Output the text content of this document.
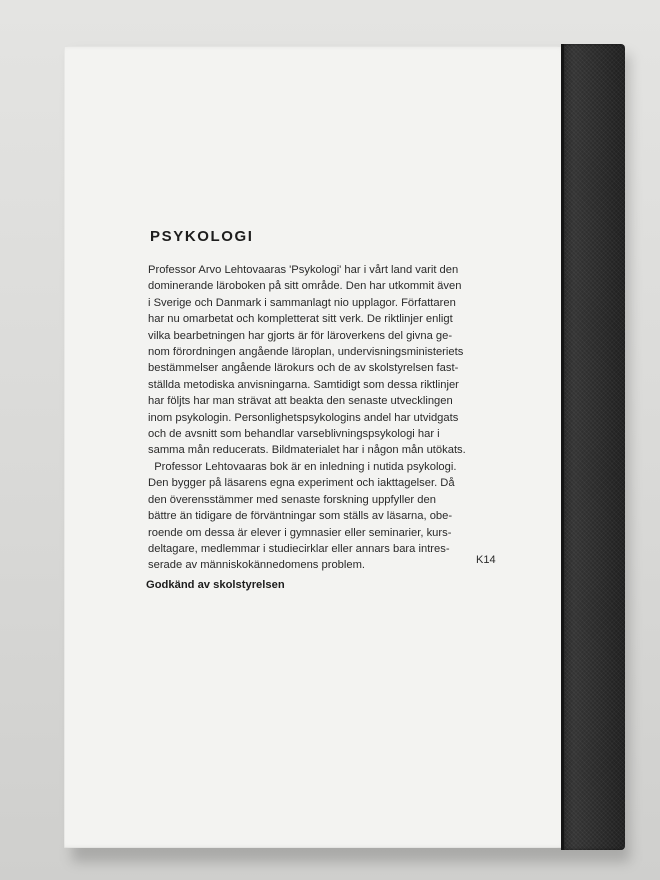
PSYKOLOGI

Professor Arvo Lehtovaaras 'Psykologi' har i vårt land varit den
dominerande läroboken på sitt område. Den har utkommit även
i Sverige och Danmark i sammanlagt nio upplagor. Författaren
har nu omarbetat och kompletterat sitt verk. De riktlinjer enligt
vilka bearbetningen har gjorts är för läroverkens del givna ge-
nom förordningen angående läroplan, undervisningsministeriets
bestämmelser angående lärokurs och de av skolstyrelsen fast-
ställda metodiska anvisningarna. Samtidigt som dessa riktlinjer
har följts har man strävat att beakta den senaste utvecklingen
inom psykologin. Personlighetspsykologins andel har utvidgats
och de avsnitt som behandlar varseblivningspsykologi har i
samma mån reducerats. Bildmaterialet har i någon mån utökats.
Professor Lehtovaaras bok är en inledning i nutida psykologi.
Den bygger på läsarens egna experiment och iakttagelser. Då
den överensstämmer med senaste forskning uppfyller den
bättre än tidigare de förväntningar som ställs av läsarna, obe-
roende om dessa är elever i gymnasier eller seminarier, kurs-
deltagare, medlemmar i studiecirklar eller annars bara intres-
serade av människokännedomens problem.	K14

Godkänd av skolstyrelsen
